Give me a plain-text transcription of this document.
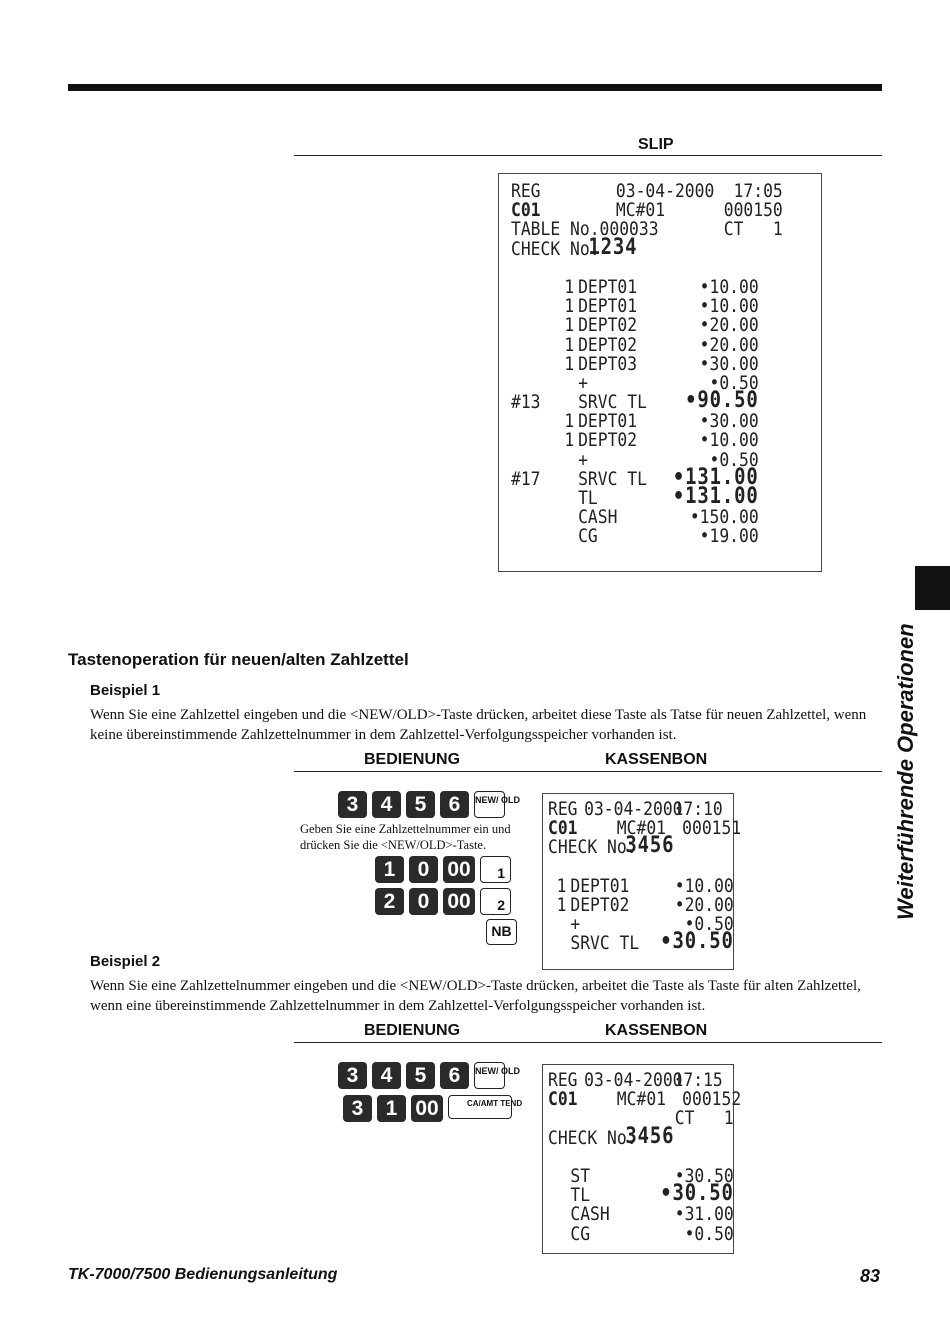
SLIP
REG	03-04-2000 17:05
C01	MC#01	000150
TABLE No.000033	CT   1
CHECK No.
1234
1 DEPT01	•10.00
1 DEPT01	•10.00
1 DEPT02	•20.00
1 DEPT02	•20.00
1 DEPT03	•30.00
+	•0.50
#13 SRVC TL •90.50
1 DEPT01	•30.00
1 DEPT02	•10.00
+	•0.50
#17 SRVC TL •131.00
TL	•131.00
CASH	•150.00
CG	•19.00
Weiterführende Operationen
Tastenoperation für neuen/alten Zahlzettel
Beispiel 1
Wenn Sie eine Zahlzettel eingeben und die <NEW/OLD>-Taste drücken, arbeitet diese Taste als Tatse für neuen Zahlzettel, wenn keine übereinstimmende Zahlzettelnummer in dem Zahlzettel-Verfolgungsspeicher vorhanden ist.
BEDIENUNG	KASSENBON
3 4 5 6 NEW/ OLD
Geben Sie eine Zahlzettelnummer ein und drücken Sie die <NEW/OLD>-Taste.
1 0 00 1
2 0 00 2
NB
REG 03-04-2000
17:10
C01 MC#01 000151
CHECK No.
3456
1 DEPT01 •10.00
1 DEPT02 •20.00
+	•0.50
SRVC TL •30.50
Beispiel 2
Wenn Sie eine Zahlzettelnummer eingeben und die <NEW/OLD>-Taste drücken, arbeitet die Taste als Taste für alten Zahlzettel, wenn eine übereinstimmende Zahlzettelnummer in dem Zahlzettel-Verfolgungsspeicher vorhanden ist.
BEDIENUNG	KASSENBON
3 4 5 6 NEW/ OLD
3 1 00	CA/AMT TEND
REG 03-04-2000
17:15
C01 MC#01 000152
CT   1
CHECK No.
3456
ST	•30.50
TL	•30.50
CASH	•31.00
CG	•0.50
TK-7000/7500 Bedienungsanleitung	83
